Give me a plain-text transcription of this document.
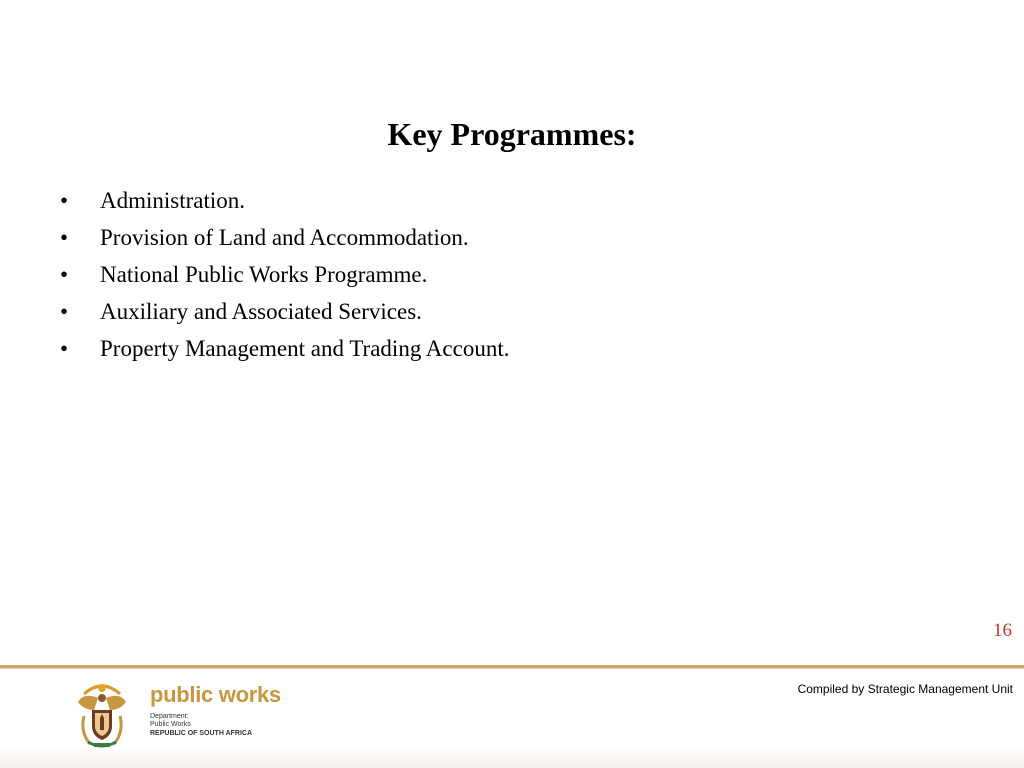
Key Programmes:
•	Administration.
•	Provision of Land and Accommodation.
•	National Public Works Programme.
•	Auxiliary and Associated Services.
•	Property Management and Trading Account.
16
Compiled by Strategic Management Unit
public works
Department:
Public Works
REPUBLIC OF SOUTH AFRICA
